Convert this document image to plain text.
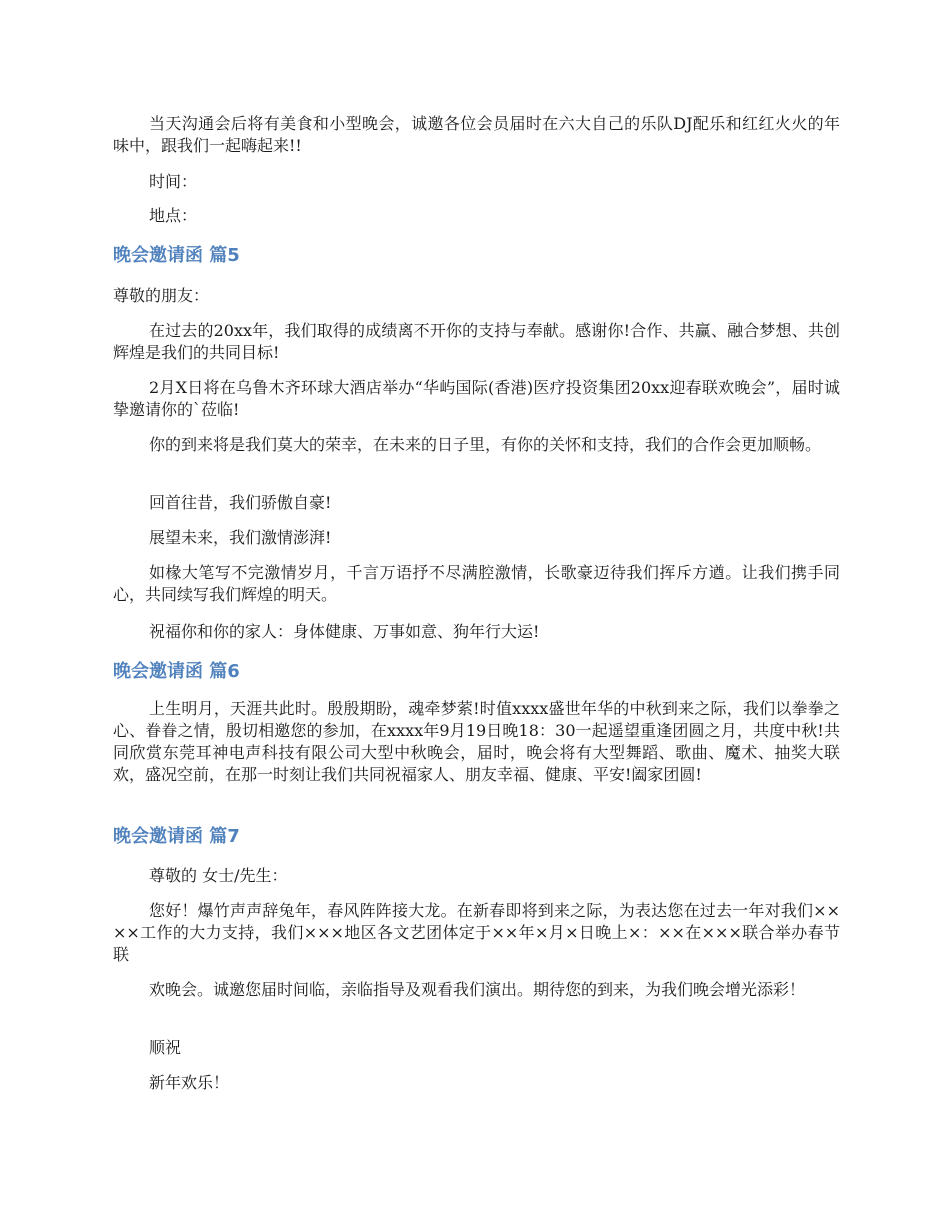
当天沟通会后将有美食和小型晚会，诚邀各位会员届时在六大自己的乐队DJ配乐和红红火火的年味中，跟我们一起嗨起来!!

时间：

地点：

晚会邀请函 篇5

尊敬的朋友：

在过去的20xx年，我们取得的成绩离不开你的支持与奉献。感谢你!合作、共赢、融合梦想、共创辉煌是我们的共同目标!

2月X日将在乌鲁木齐环球大酒店举办“华屿国际(香港)医疗投资集团20xx迎春联欢晚会”，届时诚挚邀请你的`莅临!

你的到来将是我们莫大的荣幸，在未来的日子里，有你的关怀和支持，我们的合作会更加顺畅。

回首往昔，我们骄傲自豪!

展望未来，我们激情澎湃!

如椽大笔写不完激情岁月，千言万语抒不尽满腔激情，长歌豪迈待我们挥斥方遒。让我们携手同心，共同续写我们辉煌的明天。

祝福你和你的家人：身体健康、万事如意、狗年行大运!

晚会邀请函 篇6

上生明月，天涯共此时。殷殷期盼，魂牵梦萦!时值xxxx盛世年华的中秋到来之际，我们以拳拳之心、眷眷之情，殷切相邀您的参加，在xxxx年9月19日晚18：30一起遥望重逢团圆之月，共度中秋!共同欣赏东莞耳神电声科技有限公司大型中秋晚会，届时，晚会将有大型舞蹈、歌曲、魔术、抽奖大联欢，盛况空前，在那一时刻让我们共同祝福家人、朋友幸福、健康、平安!阖家团圆!

晚会邀请函 篇7

尊敬的 女士/先生：

您好！爆竹声声辞兔年，春风阵阵接大龙。在新春即将到来之际，为表达您在过去一年对我们××××工作的大力支持，我们×××地区各文艺团体定于××年×月×日晚上×：××在×××联合举办春节联

欢晚会。诚邀您届时间临，亲临指导及观看我们演出。期待您的到来，为我们晚会增光添彩！

顺祝

新年欢乐！
